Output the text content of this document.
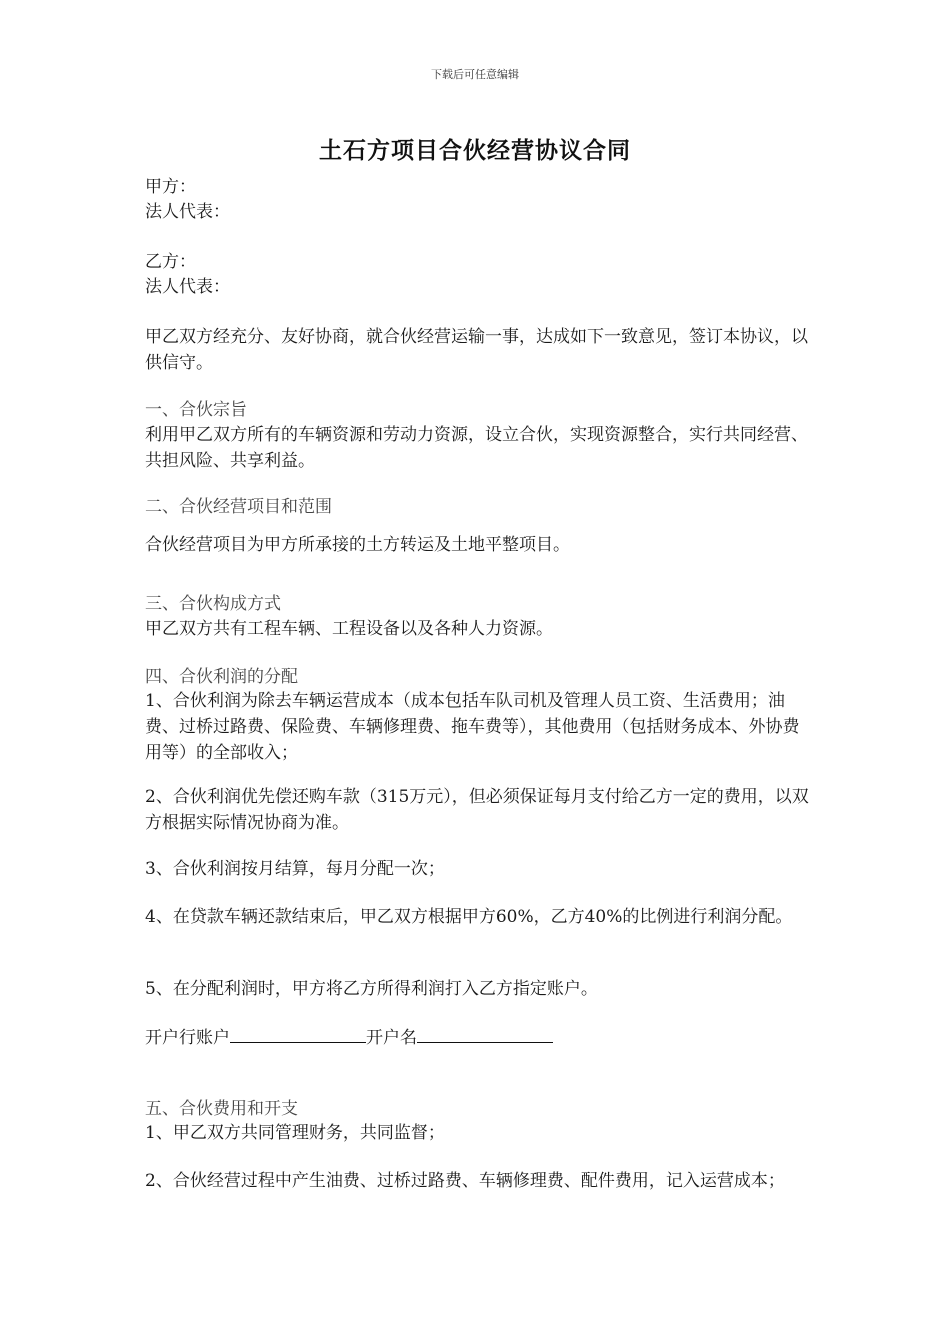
下载后可任意编辑
土石方项目合伙经营协议合同
甲方：
法人代表：
乙方：
法人代表：
甲乙双方经充分、友好协商，就合伙经营运输一事，达成如下一致意见，签订本协议，以供信守。
一、合伙宗旨
利用甲乙双方所有的车辆资源和劳动力资源，设立合伙，实现资源整合，实行共同经营、共担风险、共享利益。
二、合伙经营项目和范围
合伙经营项目为甲方所承接的土方转运及土地平整项目。
三、合伙构成方式
甲乙双方共有工程车辆、工程设备以及各种人力资源。
四、合伙利润的分配
1、合伙利润为除去车辆运营成本（成本包括车队司机及管理人员工资、生活费用；油费、过桥过路费、保险费、车辆修理费、拖车费等），其他费用（包括财务成本、外协费用等）的全部收入；
2、合伙利润优先偿还购车款（315万元），但必须保证每月支付给乙方一定的费用，以双方根据实际情况协商为准。
3、合伙利润按月结算，每月分配一次；
4、在贷款车辆还款结束后，甲乙双方根据甲方60%，乙方40%的比例进行利润分配。
5、在分配利润时，甲方将乙方所得利润打入乙方指定账户。
开户行账户	开户名
五、合伙费用和开支
1、甲乙双方共同管理财务，共同监督；
2、合伙经营过程中产生油费、过桥过路费、车辆修理费、配件费用，记入运营成本；
